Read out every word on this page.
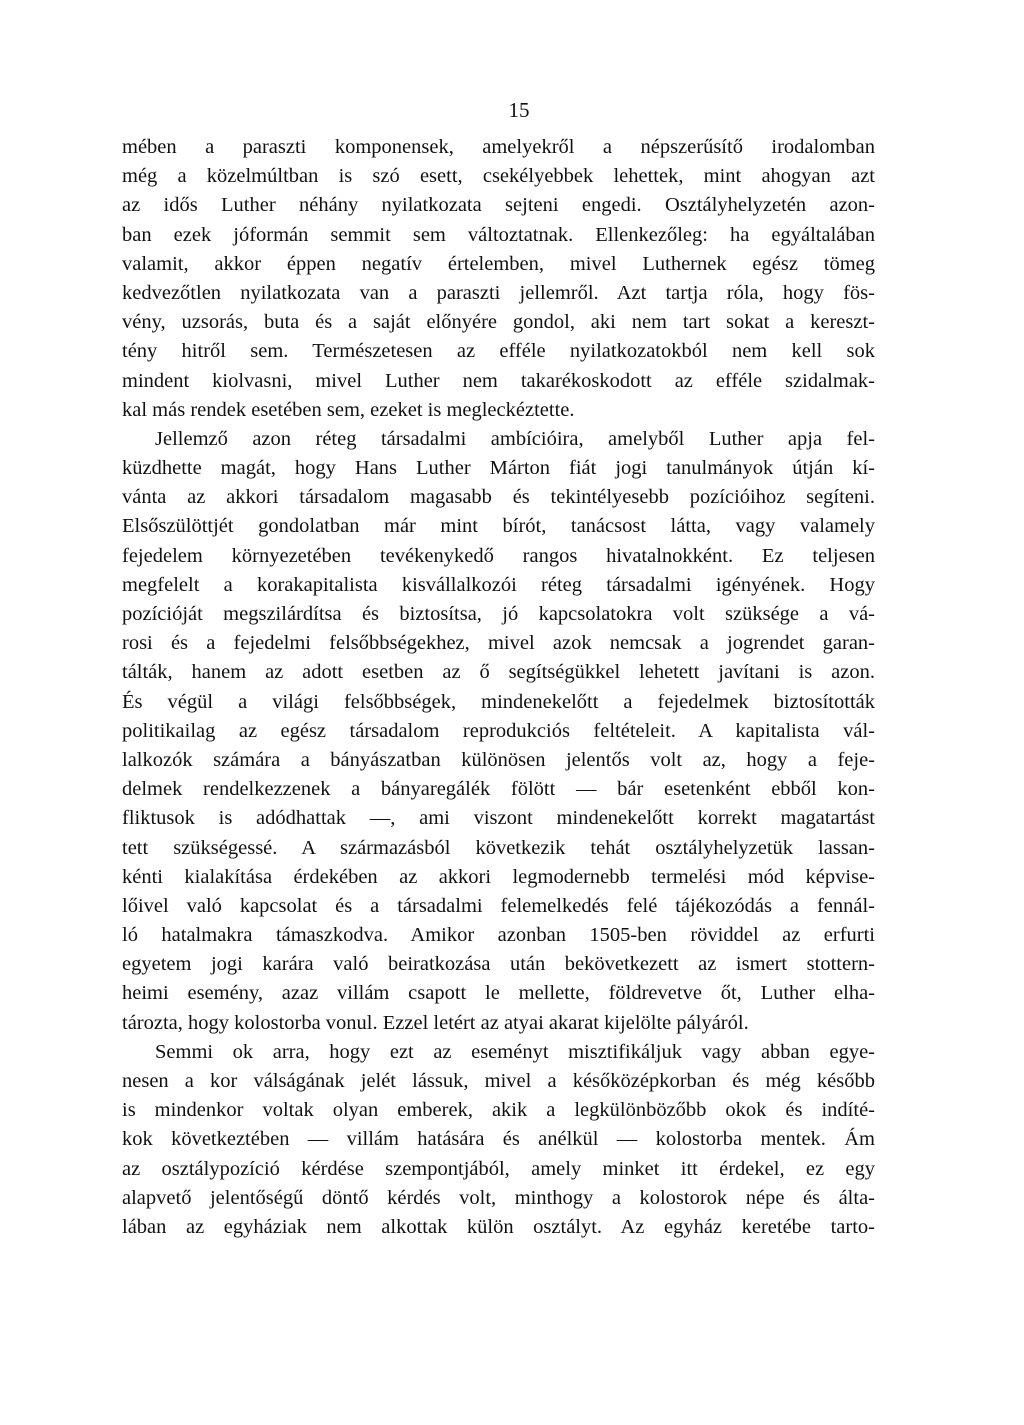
15
mében a paraszti komponensek, amelyekről a népszerűsítő irodalomban
még a közelmúltban is szó esett, csekélyebbek lehettek, mint ahogyan azt
az idős Luther néhány nyilatkozata sejteni engedi. Osztályhelyzetén azon-
ban ezek jóformán semmit sem változtatnak. Ellenkezőleg: ha egyáltalában
valamit, akkor éppen negatív értelemben, mivel Luthernek egész tömeg
kedvezőtlen nyilatkozata van a paraszti jellemről. Azt tartja róla, hogy fös-
vény, uzsorás, buta és a saját előnyére gondol, aki nem tart sokat a kereszt-
tény hitről sem. Természetesen az efféle nyilatkozatokból nem kell sok
mindent kiolvasni, mivel Luther nem takarékoskodott az efféle szidalmak-
kal más rendek esetében sem, ezeket is megleckéztette.
Jellemző azon réteg társadalmi ambícióira, amelyből Luther apja fel-
küzdhette magát, hogy Hans Luther Márton fiát jogi tanulmányok útján kí-
vánta az akkori társadalom magasabb és tekintélyesebb pozícióihoz segíteni.
Elsőszülöttjét gondolatban már mint bírót, tanácsost látta, vagy valamely
fejedelem környezetében tevékenykedő rangos hivatalnokként. Ez teljesen
megfelelt a korakapitalista kisvállalkozói réteg társadalmi igényének. Hogy
pozícióját megszilárdítsa és biztosítsa, jó kapcsolatokra volt szüksége a vá-
rosi és a fejedelmi felsőbbségekhez, mivel azok nemcsak a jogrendet garan-
tálták, hanem az adott esetben az ő segítségükkel lehetett javítani is azon.
És végül a világi felsőbbségek, mindenekelőtt a fejedelmek biztosították
politikailag az egész társadalom reprodukciós feltételeit. A kapitalista vál-
lalkozók számára a bányászatban különösen jelentős volt az, hogy a feje-
delmek rendelkezzenek a bányaregálék fölött — bár esetenként ebből kon-
fliktusok is adódhattak —, ami viszont mindenekelőtt korrekt magatartást
tett szükségessé. A származásból következik tehát osztályhelyzetük lassan-
kénti kialakítása érdekében az akkori legmodernebb termelési mód képvise-
lőivel való kapcsolat és a társadalmi felemelkedés felé tájékozódás a fennál-
ló hatalmakra támaszkodva. Amikor azonban 1505-ben röviddel az erfurti
egyetem jogi karára való beiratkozása után bekövetkezett az ismert stottern-
heimi esemény, azaz villám csapott le mellette, földrevetve őt, Luther elha-
tározta, hogy kolostorba vonul. Ezzel letért az atyai akarat kijelölte pályáról.
Semmi ok arra, hogy ezt az eseményt misztifikáljuk vagy abban egye-
nesen a kor válságának jelét lássuk, mivel a későközépkorban és még később
is mindenkor voltak olyan emberek, akik a legkülönbözőbb okok és indíté-
kok következtében — villám hatására és anélkül — kolostorba mentek. Ám
az osztálypozíció kérdése szempontjából, amely minket itt érdekel, ez egy
alapvető jelentőségű döntő kérdés volt, minthogy a kolostorok népe és álta-
lában az egyháziak nem alkottak külön osztályt. Az egyház keretébe tarto-
